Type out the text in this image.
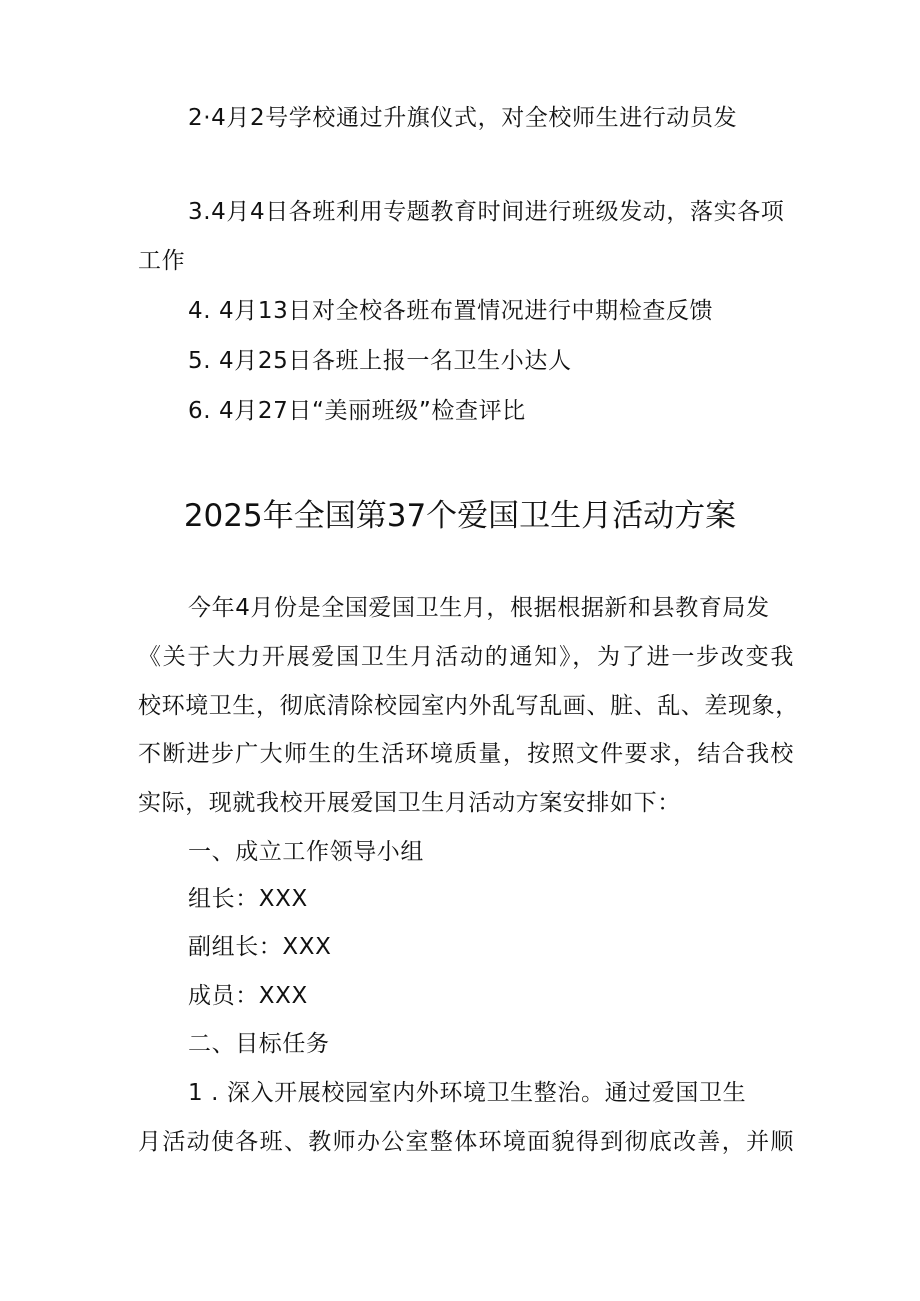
2·4月2号学校通过升旗仪式，对全校师生进行动员发
3.4月4日各班利用专题教育时间进行班级发动，落实各项
工作
4. 4月13日对全校各班布置情况进行中期检查反馈
5. 4月25日各班上报一名卫生小达人
6. 4月27日“美丽班级”检查评比
2025年全国第37个爱国卫生月活动方案
今年4月份是全国爱国卫生月，根据根据新和县教育局发
《关于大力开展爱国卫生月活动的通知》，为了进一步改变我
校环境卫生，彻底清除校园室内外乱写乱画、脏、乱、差现象，
不断进步广大师生的生活环境质量，按照文件要求，结合我校
实际，现就我校开展爱国卫生月活动方案安排如下：
一、成立工作领导小组
组长：XXX
副组长：XXX
成员：XXX
二、目标任务
1 . 深入开展校园室内外环境卫生整治。通过爱国卫生
月活动使各班、教师办公室整体环境面貌得到彻底改善，并顺
